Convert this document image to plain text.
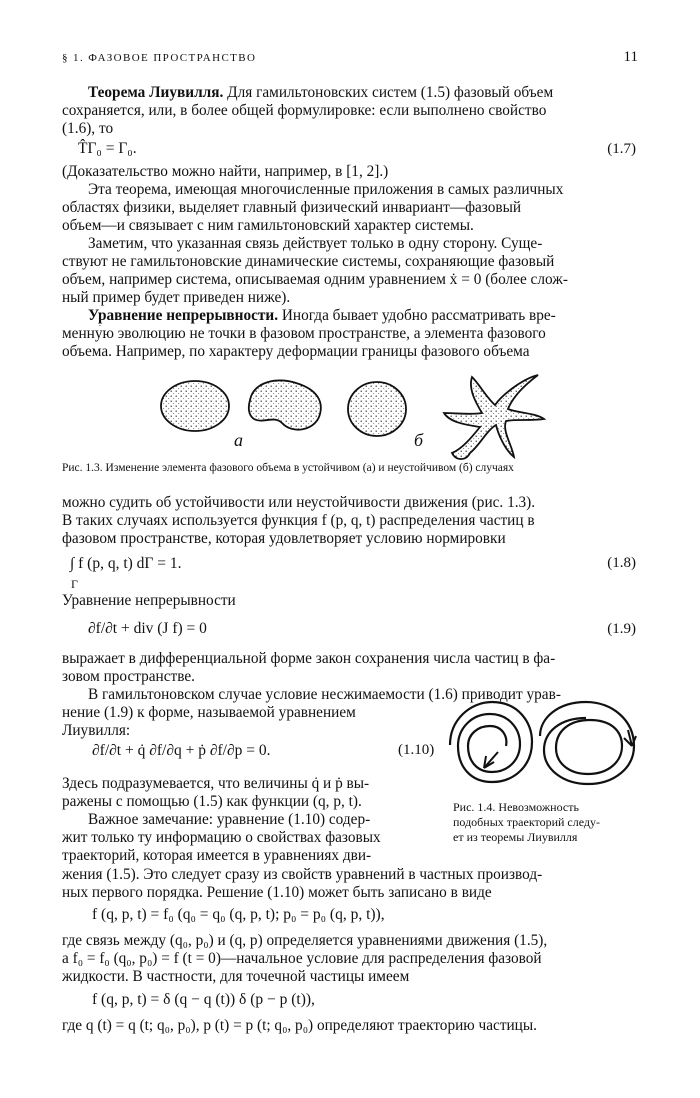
§ 1. ФАЗОВОЕ ПРОСТРАНСТВО	11
Теорема Лиувилля. Для гамильтоновских систем (1.5) фазовый объем
сохраняется, или, в более общей формулировке: если выполнено свойство
(1.6), то
T̂Γ₀ = Γ₀.	(1.7)
(Доказательство можно найти, например, в [1, 2].)
Эта теорема, имеющая многочисленные приложения в самых различных
областях физики, выделяет главный физический инвариант—фазовый
объем—и связывает с ним гамильтоновский характер системы.
Заметим, что указанная связь действует только в одну сторону. Суще-
ствуют не гамильтоновские динамические системы, сохраняющие фазовый
объем, например система, описываемая одним уравнением ẋ = 0 (более слож-
ный пример будет приведен ниже).
Уравнение непрерывности. Иногда бывает удобно рассматривать вре-
менну́ю эволюцию не точки в фазовом пространстве, а элемента фазового
объема. Например, по характеру деформации границы фазового объема
а	б
Рис. 1.3. Изменение элемента фазового объема в устойчивом (а) и неустойчивом (б) случаях
можно судить об устойчивости или неустойчивости движения (рис. 1.3).
В таких случаях используется функция f (p, q, t) распределения частиц в
фазовом пространстве, которая удовлетворяет условию нормировки
∫ f (p, q, t) dΓ = 1.
Γ
(1.8)
Уравнение непрерывности
∂f/∂t + div (J f) = 0	(1.9)
выражает в дифференциальной форме закон сохранения числа частиц в фа-
зовом пространстве.
В гамильтоновском случае условие несжимаемости (1.6) приводит урав-
нение (1.9) к форме, называемой уравнением
Лиувилля:
∂f/∂t + q̇ ∂f/∂q + ṗ ∂f/∂p = 0.	(1.10)
Здесь подразумевается, что величины q̇ и ṗ вы-
ражены с помощью (1.5) как функции (q, p, t).
Важное замечание: уравнение (1.10) содер-
жит только ту информацию о свойствах фазовых
траекторий, которая имеется в уравнениях дви-
Рис. 1.4. Невозможность
подобных траекторий следу-
ет из теоремы Лиувилля
жения (1.5). Это следует сразу из свойств уравнений в частных производ-
ных первого порядка. Решение (1.10) может быть записано в виде
f (q, p, t) = f₀ (q₀ = q₀ (q, p, t); p₀ = p₀ (q, p, t)),
где связь между (q₀, p₀) и (q, p) определяется уравнениями движения (1.5),
а f₀ = f₀ (q₀, p₀) = f (t = 0)—начальное условие для распределения фазовой
жидкости. В частности, для точечной частицы имеем
f (q, p, t) = δ (q − q (t)) δ (p − p (t)),
где q (t) = q (t; q₀, p₀), p (t) = p (t; q₀, p₀) определяют траекторию частицы.
